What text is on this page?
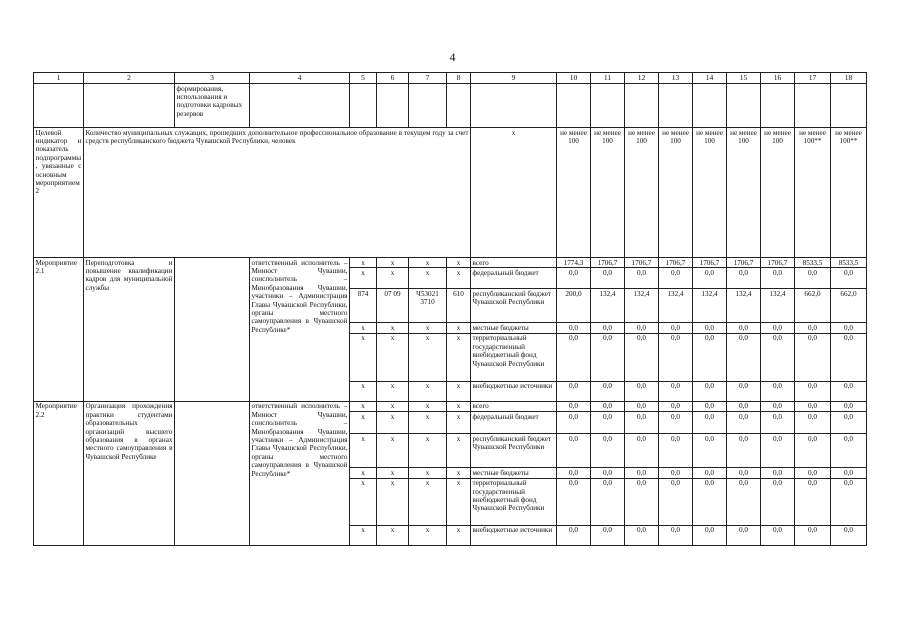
4
1	2	3	4	5	6	7	8	9	10	11	12	13	14	15	16	17	18
		формирования, использования и подготовки кадровых резервов															
Целевой индикатор и показатель подпрограммы, увязанные с основным мероприятием 2	Количество муниципальных служащих, прошедших дополнительное профессиональное образование в текущем году за счет средств республиканского бюджета Чувашской Республики, человек							х	не менее 100	не менее 100	не менее 100	не менее 100	не менее 100	не менее 100	не менее 100	не менее 100**	не менее 100**
Мероприятие 2.1	Переподготовка и повышение квалификации кадров для муниципальной службы		ответственный исполнитель – Минюст Чувашии, соисполнитель – Минобразования Чувашии, участники – Администрация Главы Чувашской Республики, органы местного самоуправления в Чувашской Республике*	х	х	х	х	всего	1774,3	1706,7	1706,7	1706,7	1706,7	1706,7	1706,7	8533,5	8533,5
				х	х	х	х	федеральный бюджет	0,0	0,0	0,0	0,0	0,0	0,0	0,0	0,0	0,0
				874	07 09	Ч53021 3710	610	республиканский бюджет Чувашской Республики	200,0	132,4	132,4	132,4	132,4	132,4	132,4	662,0	662,0
				х	х	х	х	местные бюджеты	0,0	0,0	0,0	0,0	0,0	0,0	0,0	0,0	0,0
				х	х	х	х	территориальный государственный внебюджетный фонд Чувашской Республики	0,0	0,0	0,0	0,0	0,0	0,0	0,0	0,0	0,0
				х	х	х	х	внебюджетные источники	0,0	0,0	0,0	0,0	0,0	0,0	0,0	0,0	0,0
Мероприятие 2.2	Организация прохождения практики студентами образовательных организаций высшего образования в органах местного самоуправления в Чувашской Республике		ответственный исполнитель – Минюст Чувашии, соисполнитель – Минобразования Чувашии, участники – Администрация Главы Чувашской Республики, органы местного самоуправления в Чувашской Республике*	х	х	х	х	всего	0,0	0,0	0,0	0,0	0,0	0,0	0,0	0,0	0,0
				х	х	х	х	федеральный бюджет	0,0	0,0	0,0	0,0	0,0	0,0	0,0	0,0	0,0
				х	х	х	х	республиканский бюджет Чувашской Республики	0,0	0,0	0,0	0,0	0,0	0,0	0,0	0,0	0,0
				х	х	х	х	местные бюджеты	0,0	0,0	0,0	0,0	0,0	0,0	0,0	0,0	0,0
				х	х	х	х	территориальный государственный внебюджетный фонд Чувашской Республики	0,0	0,0	0,0	0,0	0,0	0,0	0,0	0,0	0,0
				х	х	х	х	внебюджетные источники	0,0	0,0	0,0	0,0	0,0	0,0	0,0	0,0	0,0
